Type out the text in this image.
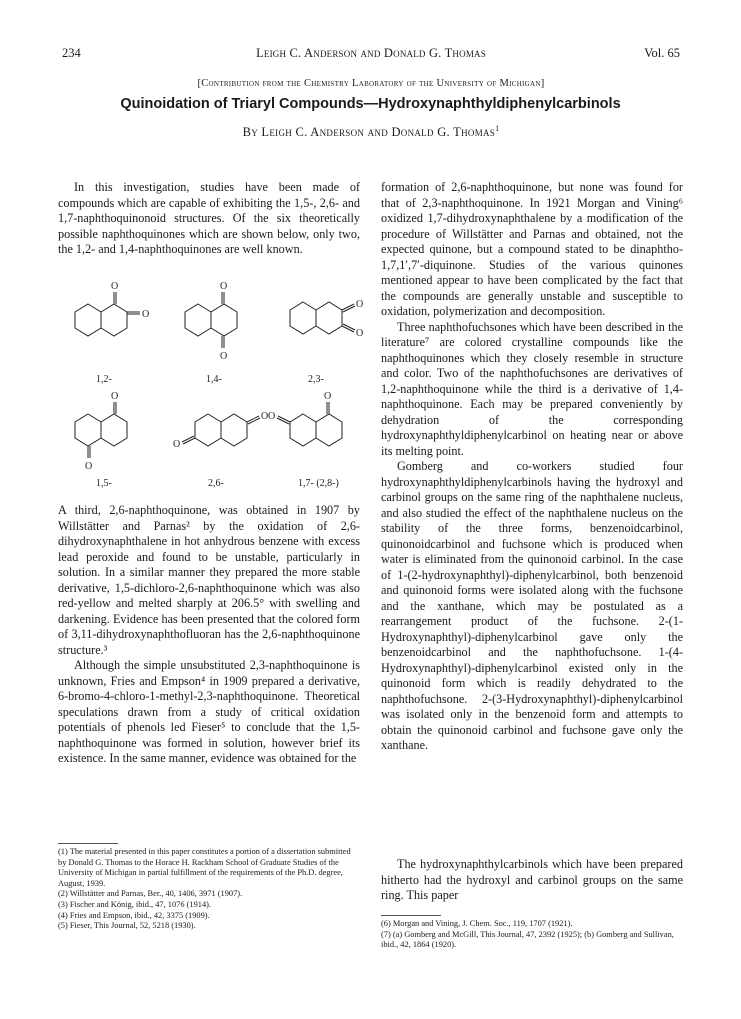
234	Leigh C. Anderson and Donald G. Thomas	Vol. 65
[Contribution from the Chemistry Laboratory of the University of Michigan]
Quinoidation of Triaryl Compounds—Hydroxynaphthyldiphenylcarbinols
By Leigh C. Anderson and Donald G. Thomas$^1$

In this investigation, studies have been made of compounds which are capable of exhibiting the 1,5-, 2,6- and 1,7-naphthoquinonoid structures. Of the six theoretically possible naphthoquinones which are shown below, only two, the 1,2- and 1,4-naphthoquinones are well known.

O
O
O
O
O
O
O
O
O
O
O
O
1,2-	1,4-	2,3-
1,5-	2,6-	1,7- (2,8-)

A third, 2,6-naphthoquinone, was obtained in 1907 by Willstätter and Parnas² by the oxidation of 2,6-dihydroxynaphthalene in hot anhydrous benzene with excess lead peroxide and found to be unstable, particularly in solution. In a similar manner they prepared the more stable derivative, 1,5-dichloro-2,6-naphthoquinone which was also red-yellow and melted sharply at 206.5° with swelling and darkening. Evidence has been presented that the colored form of 3,11-dihydroxynaphthofluoran has the 2,6-naphthoquinone structure.³

Although the simple unsubstituted 2,3-naphthoquinone is unknown, Fries and Empson⁴ in 1909 prepared a derivative, 6-bromo-4-chloro-1-methyl-2,3-naphthoquinone. Theoretical speculations drawn from a study of critical oxidation potentials of phenols led Fieser⁵ to conclude that the 1,5-naphthoquinone was formed in solution, however brief its existence. In the same manner, evidence was obtained for the

formation of 2,6-naphthoquinone, but none was found for that of 2,3-naphthoquinone. In 1921 Morgan and Vining⁶ oxidized 1,7-dihydroxynaphthalene by a modification of the procedure of Willstätter and Parnas and obtained, not the expected quinone, but a compound stated to be dinaphtho-1,7,1′,7′-diquinone. Studies of the various quinones mentioned appear to have been complicated by the fact that the compounds are generally unstable and susceptible to oxidation, polymerization and decomposition.

Three naphthofuchsones which have been described in the literature⁷ are colored crystalline compounds like the naphthoquinones which they closely resemble in structure and color. Two of the naphthofuchsones are derivatives of 1,2-naphthoquinone while the third is a derivative of 1,4-naphthoquinone. Each may be prepared conveniently by dehydration of the corresponding hydroxynaphthyldiphenylcarbinol on heating near or above its melting point.

Gomberg and co-workers studied four hydroxynaphthyldiphenylcarbinols having the hydroxyl and carbinol groups on the same ring of the naphthalene nucleus, and also studied the effect of the naphthalene nucleus on the stability of the three forms, benzenoidcarbinol, quinonoidcarbinol and fuchsone which is produced when water is eliminated from the quinonoid carbinol. In the case of 1-(2-hydroxynaphthyl)-diphenylcarbinol, both benzenoid and quinonoid forms were isolated along with the fuchsone and the xanthane, which may be postulated as a rearrangement product of the fuchsone. 2-(1-Hydroxynaphthyl)-diphenylcarbinol gave only the benzenoidcarbinol and the naphthofuchsone. 1-(4-Hydroxynaphthyl)-diphenylcarbinol existed only in the quinonoid form which is readily dehydrated to the naphthofuchsone. 2-(3-Hydroxynaphthyl)-diphenylcarbinol was isolated only in the benzenoid form and attempts to obtain the quinonoid carbinol and fuchsone gave only the xanthane.

The hydroxynaphthylcarbinols which have been prepared hitherto had the hydroxyl and carbinol groups on the same ring. This paper

(1) The material presented in this paper constitutes a portion of a dissertation submitted by Donald G. Thomas to the Horace H. Rackham School of Graduate Studies of the University of Michigan in partial fulfillment of the requirements of the Ph.D. degree, August, 1939.

(2) Willstätter and Parnas, Ber., 40, 1406, 3971 (1907).

(3) Fischer and König, ibid., 47, 1076 (1914).

(4) Fries and Empson, ibid., 42, 3375 (1909).

(5) Fieser, This Journal, 52, 5218 (1930).	(6) Morgan and Vining, J. Chem. Soc., 119, 1707 (1921).

(7) (a) Gomberg and McGill, This Journal, 47, 2392 (1925); (b) Gomberg and Sullivan, ibid., 42, 1864 (1920).
